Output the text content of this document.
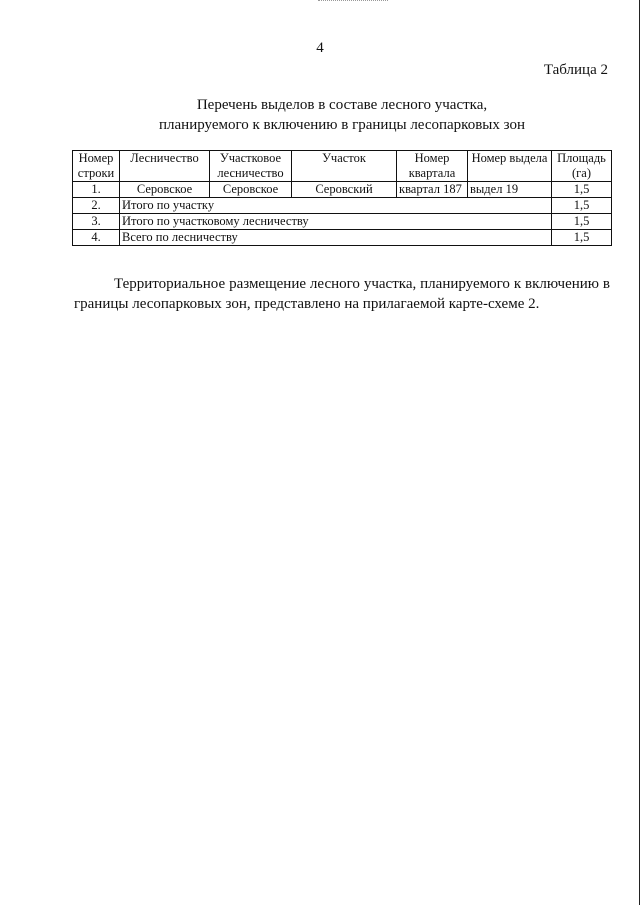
4
Таблица 2
Перечень выделов в составе лесного участка,
планируемого к включению в границы лесопарковых зон
Номер строки	Лесничество	Участковое лесничество	Участок	Номер квартала	Номер выдела	Площадь (га)
1.	Серовское	Серовское	Серовский	квартал 187	выдел 19	1,5
2.	Итого по участку					1,5
3.	Итого по участковому лесничеству					1,5
4.	Всего по лесничеству					1,5

Территориальное размещение лесного участка, планируемого к включению в границы лесопарковых зон, представлено на прилагаемой карте-схеме 2.
